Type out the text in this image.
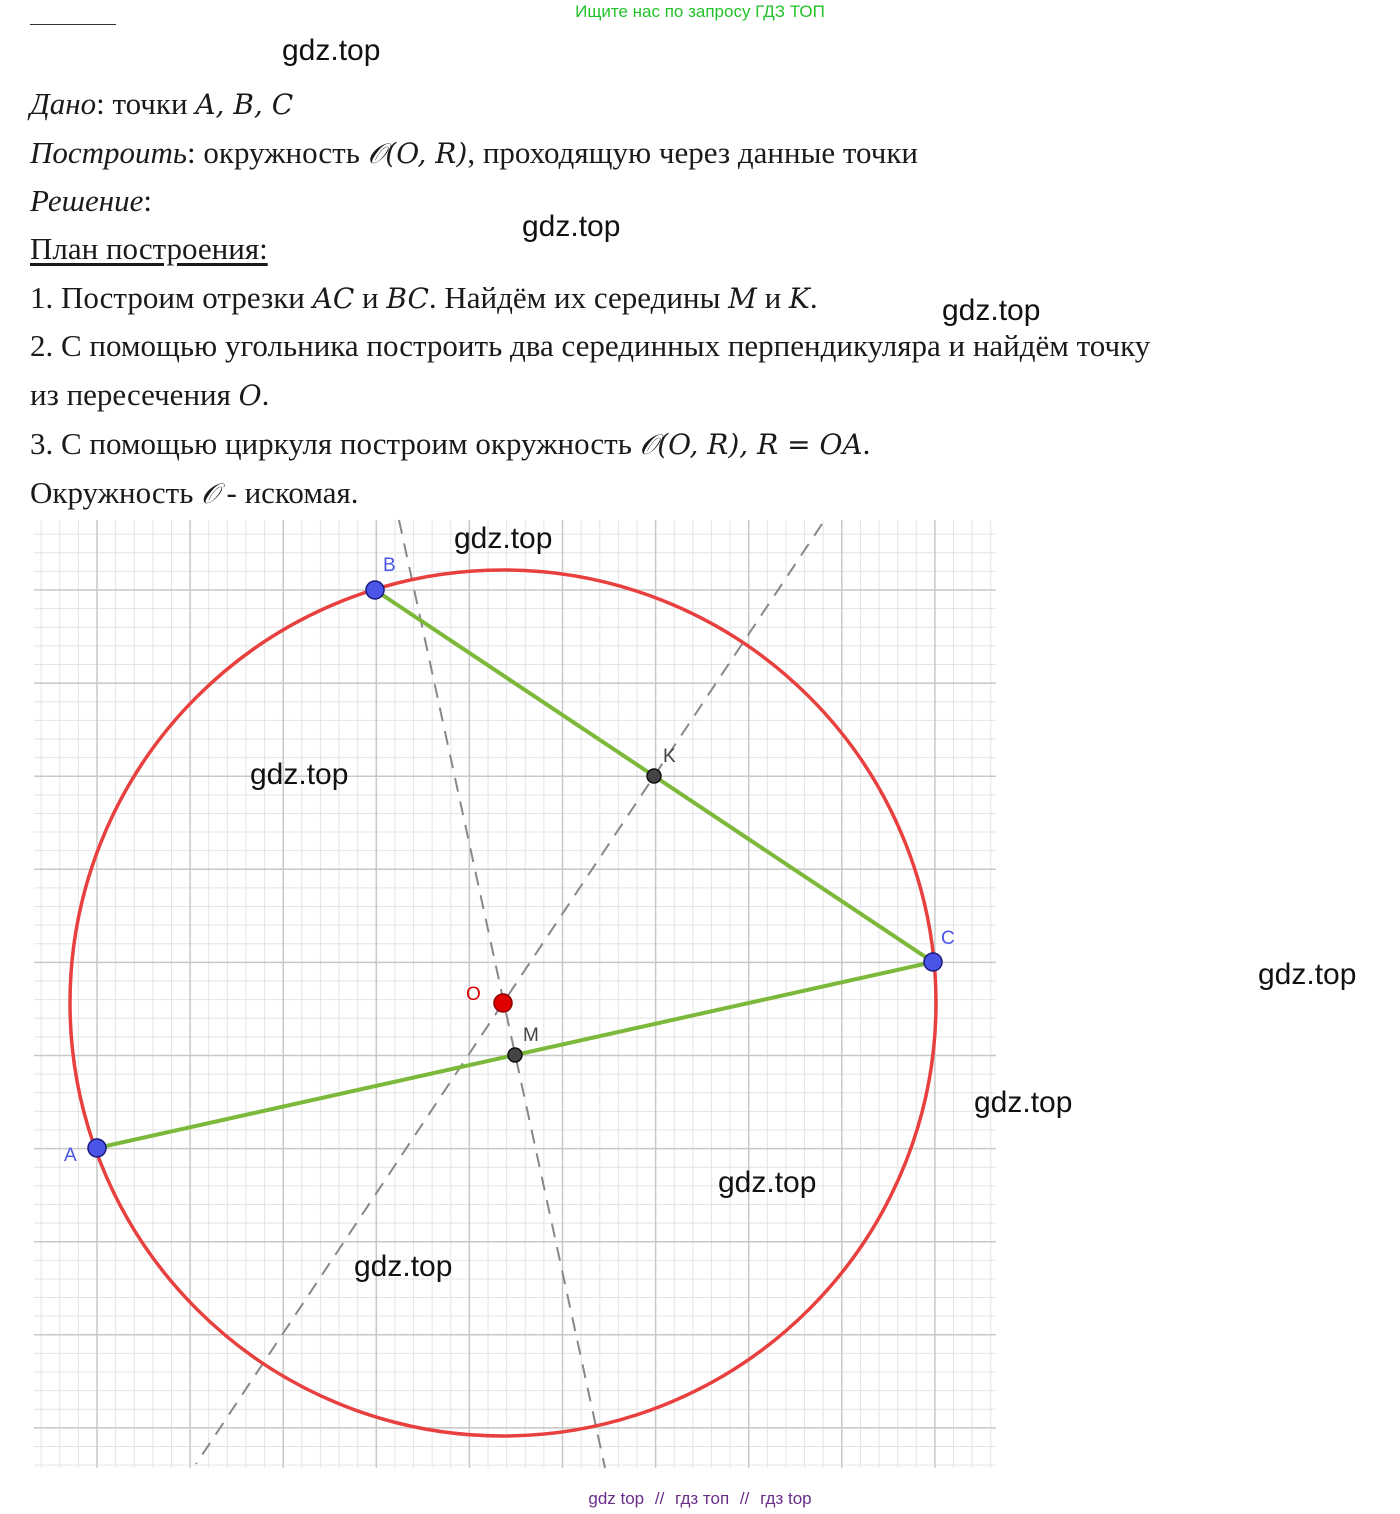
Ищите нас по запросу ГДЗ ТОП
Дано: точки A, B, C
Построить: окружность 𝒪(O, R), проходящую через данные точки
Решение:
План построения:
1. Построим отрезки AC и BC. Найдём их середины M и K.
2. С помощью угольника построить два серединных перпендикуляра и найдём точку
из пересечения O.
3. С помощью циркуля построим окружность 𝒪(O, R), R = OA.
Окружность 𝒪 - искомая.
A
B
C
K
M
O
gdz.top
gdz.top
gdz.top
gdz.top
gdz.top
gdz.top
gdz.top
gdz.top
gdz.top
gdz top // гдз топ // гдз top
